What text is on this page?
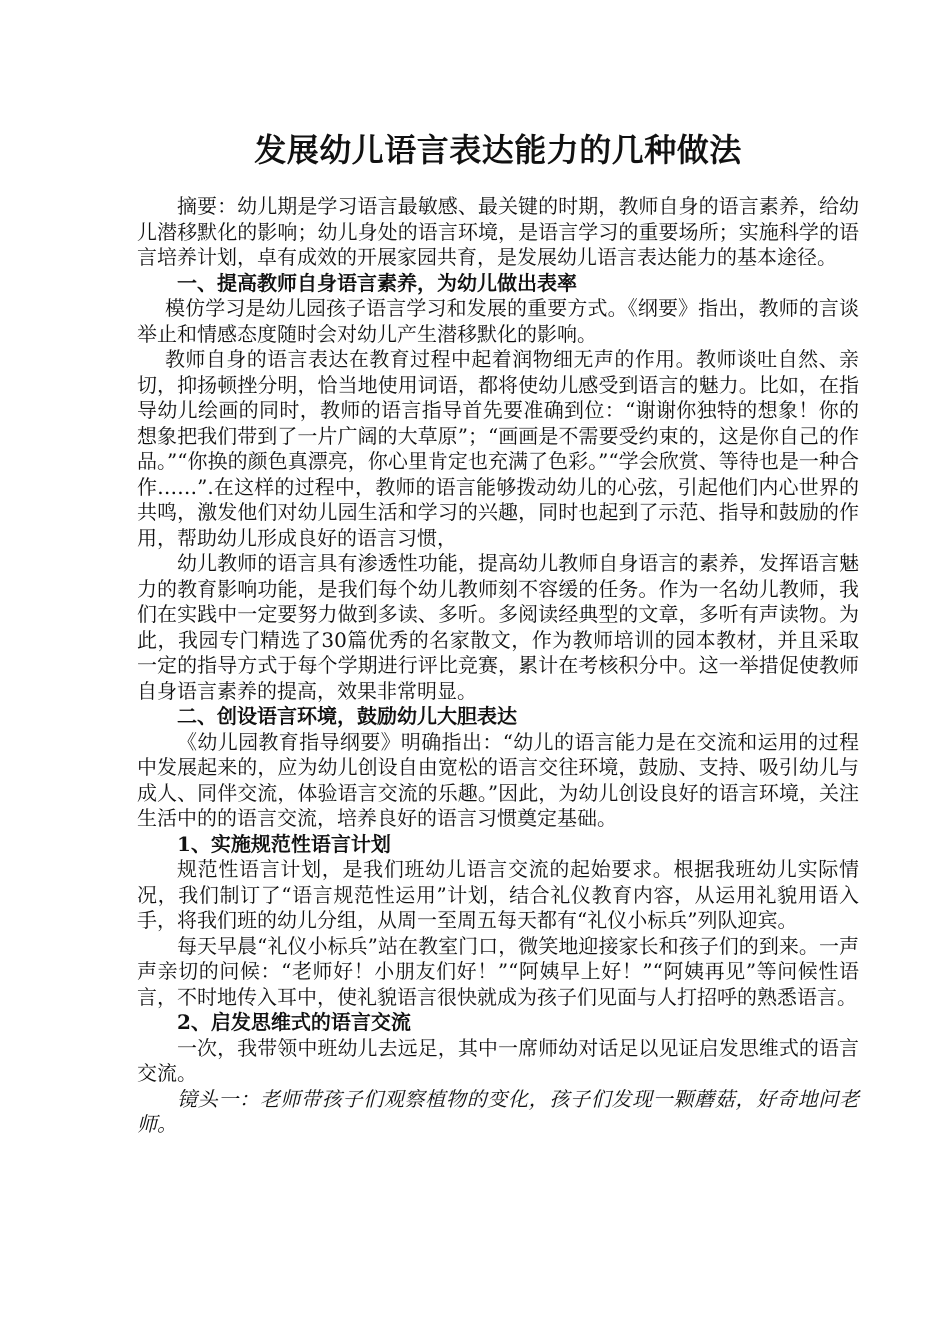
发展幼儿语言表达能力的几种做法

摘要：幼儿期是学习语言最敏感、最关键的时期，教师自身的语言素养，给幼儿潜移默化的影响；幼儿身处的语言环境，是语言学习的重要场所；实施科学的语言培养计划，卓有成效的开展家园共育，是发展幼儿语言表达能力的基本途径。

一、提高教师自身语言素养，为幼儿做出表率

模仿学习是幼儿园孩子语言学习和发展的重要方式。《纲要》指出，教师的言谈举止和情感态度随时会对幼儿产生潜移默化的影响。

教师自身的语言表达在教育过程中起着润物细无声的作用。教师谈吐自然、亲切，抑扬顿挫分明，恰当地使用词语，都将使幼儿感受到语言的魅力。比如，在指导幼儿绘画的同时，教师的语言指导首先要准确到位：“谢谢你独特的想象！你的想象把我们带到了一片广阔的大草原”；“画画是不需要受约束的，这是你自己的作品。”“你换的颜色真漂亮，你心里肯定也充满了色彩。”“学会欣赏、等待也是一种合作……”.在这样的过程中，教师的语言能够拨动幼儿的心弦，引起他们内心世界的共鸣，激发他们对幼儿园生活和学习的兴趣，同时也起到了示范、指导和鼓励的作用，帮助幼儿形成良好的语言习惯，

幼儿教师的语言具有渗透性功能，提高幼儿教师自身语言的素养，发挥语言魅力的教育影响功能，是我们每个幼儿教师刻不容缓的任务。作为一名幼儿教师，我们在实践中一定要努力做到多读、多听。多阅读经典型的文章，多听有声读物。为此，我园专门精选了30篇优秀的名家散文，作为教师培训的园本教材，并且采取一定的指导方式于每个学期进行评比竞赛，累计在考核积分中。这一举措促使教师自身语言素养的提高，效果非常明显。

二、创设语言环境，鼓励幼儿大胆表达

《幼儿园教育指导纲要》明确指出：“幼儿的语言能力是在交流和运用的过程中发展起来的，应为幼儿创设自由宽松的语言交往环境，鼓励、支持、吸引幼儿与成人、同伴交流，体验语言交流的乐趣。”因此，为幼儿创设良好的语言环境，关注生活中的的语言交流，培养良好的语言习惯奠定基础。

1、实施规范性语言计划

规范性语言计划，是我们班幼儿语言交流的起始要求。根据我班幼儿实际情况，我们制订了“语言规范性运用”计划，结合礼仪教育内容，从运用礼貌用语入手，将我们班的幼儿分组，从周一至周五每天都有“礼仪小标兵”列队迎宾。

每天早晨“礼仪小标兵”站在教室门口，微笑地迎接家长和孩子们的到来。一声声亲切的问候：“老师好！小朋友们好！”“阿姨早上好！”“阿姨再见”等问候性语言，不时地传入耳中，使礼貌语言很快就成为孩子们见面与人打招呼的熟悉语言。

2、启发思维式的语言交流

一次，我带领中班幼儿去远足，其中一席师幼对话足以见证启发思维式的语言交流。

镜头一：老师带孩子们观察植物的变化，孩子们发现一颗蘑菇，好奇地问老师。
